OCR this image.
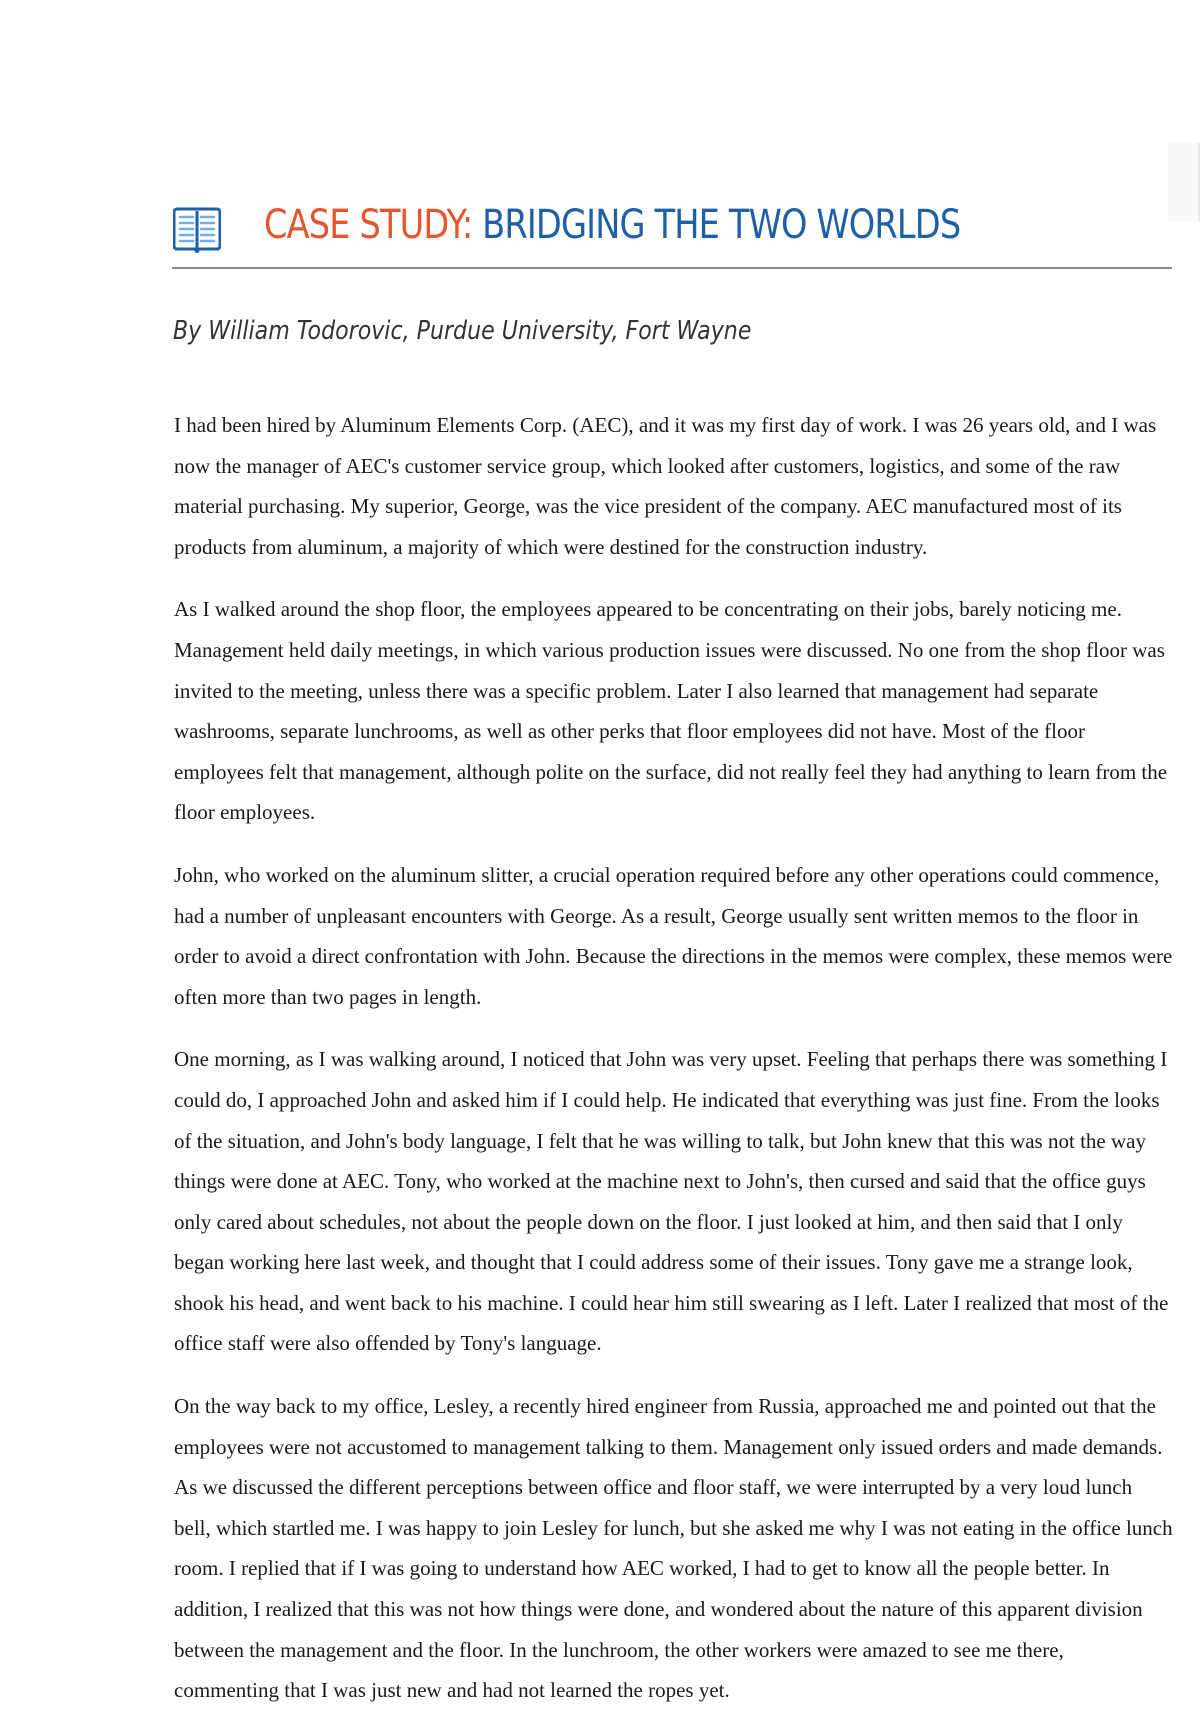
CASE STUDY: BRIDGING THE TWO WORLDS

By William Todorovic, Purdue University, Fort Wayne

I had been hired by Aluminum Elements Corp. (AEC), and it was my first day of work. I was 26 years old, and I was now the manager of AEC's customer service group, which looked after customers, logistics, and some of the raw material purchasing. My superior, George, was the vice president of the company. AEC manufactured most of its products from aluminum, a majority of which were destined for the construction industry.

As I walked around the shop floor, the employees appeared to be concentrating on their jobs, barely noticing me. Management held daily meetings, in which various production issues were discussed. No one from the shop floor was invited to the meeting, unless there was a specific problem. Later I also learned that management had separate washrooms, separate lunchrooms, as well as other perks that floor employees did not have. Most of the floor employees felt that management, although polite on the surface, did not really feel they had anything to learn from the floor employees.

John, who worked on the aluminum slitter, a crucial operation required before any other operations could commence, had a number of unpleasant encounters with George. As a result, George usually sent written memos to the floor in order to avoid a direct confrontation with John. Because the directions in the memos were complex, these memos were often more than two pages in length.

One morning, as I was walking around, I noticed that John was very upset. Feeling that perhaps there was something I could do, I approached John and asked him if I could help. He indicated that everything was just fine. From the looks of the situation, and John's body language, I felt that he was willing to talk, but John knew that this was not the way things were done at AEC. Tony, who worked at the machine next to John's, then cursed and said that the office guys only cared about schedules, not about the people down on the floor. I just looked at him, and then said that I only began working here last week, and thought that I could address some of their issues. Tony gave me a strange look, shook his head, and went back to his machine. I could hear him still swearing as I left. Later I realized that most of the office staff were also offended by Tony's language.

On the way back to my office, Lesley, a recently hired engineer from Russia, approached me and pointed out that the employees were not accustomed to management talking to them. Management only issued orders and made demands. As we discussed the different perceptions between office and floor staff, we were interrupted by a very loud lunch bell, which startled me. I was happy to join Lesley for lunch, but she asked me why I was not eating in the office lunch room. I replied that if I was going to understand how AEC worked, I had to get to know all the people better. In addition, I realized that this was not how things were done, and wondered about the nature of this apparent division between the management and the floor. In the lunchroom, the other workers were amazed to see me there, commenting that I was just new and had not learned the ropes yet.
